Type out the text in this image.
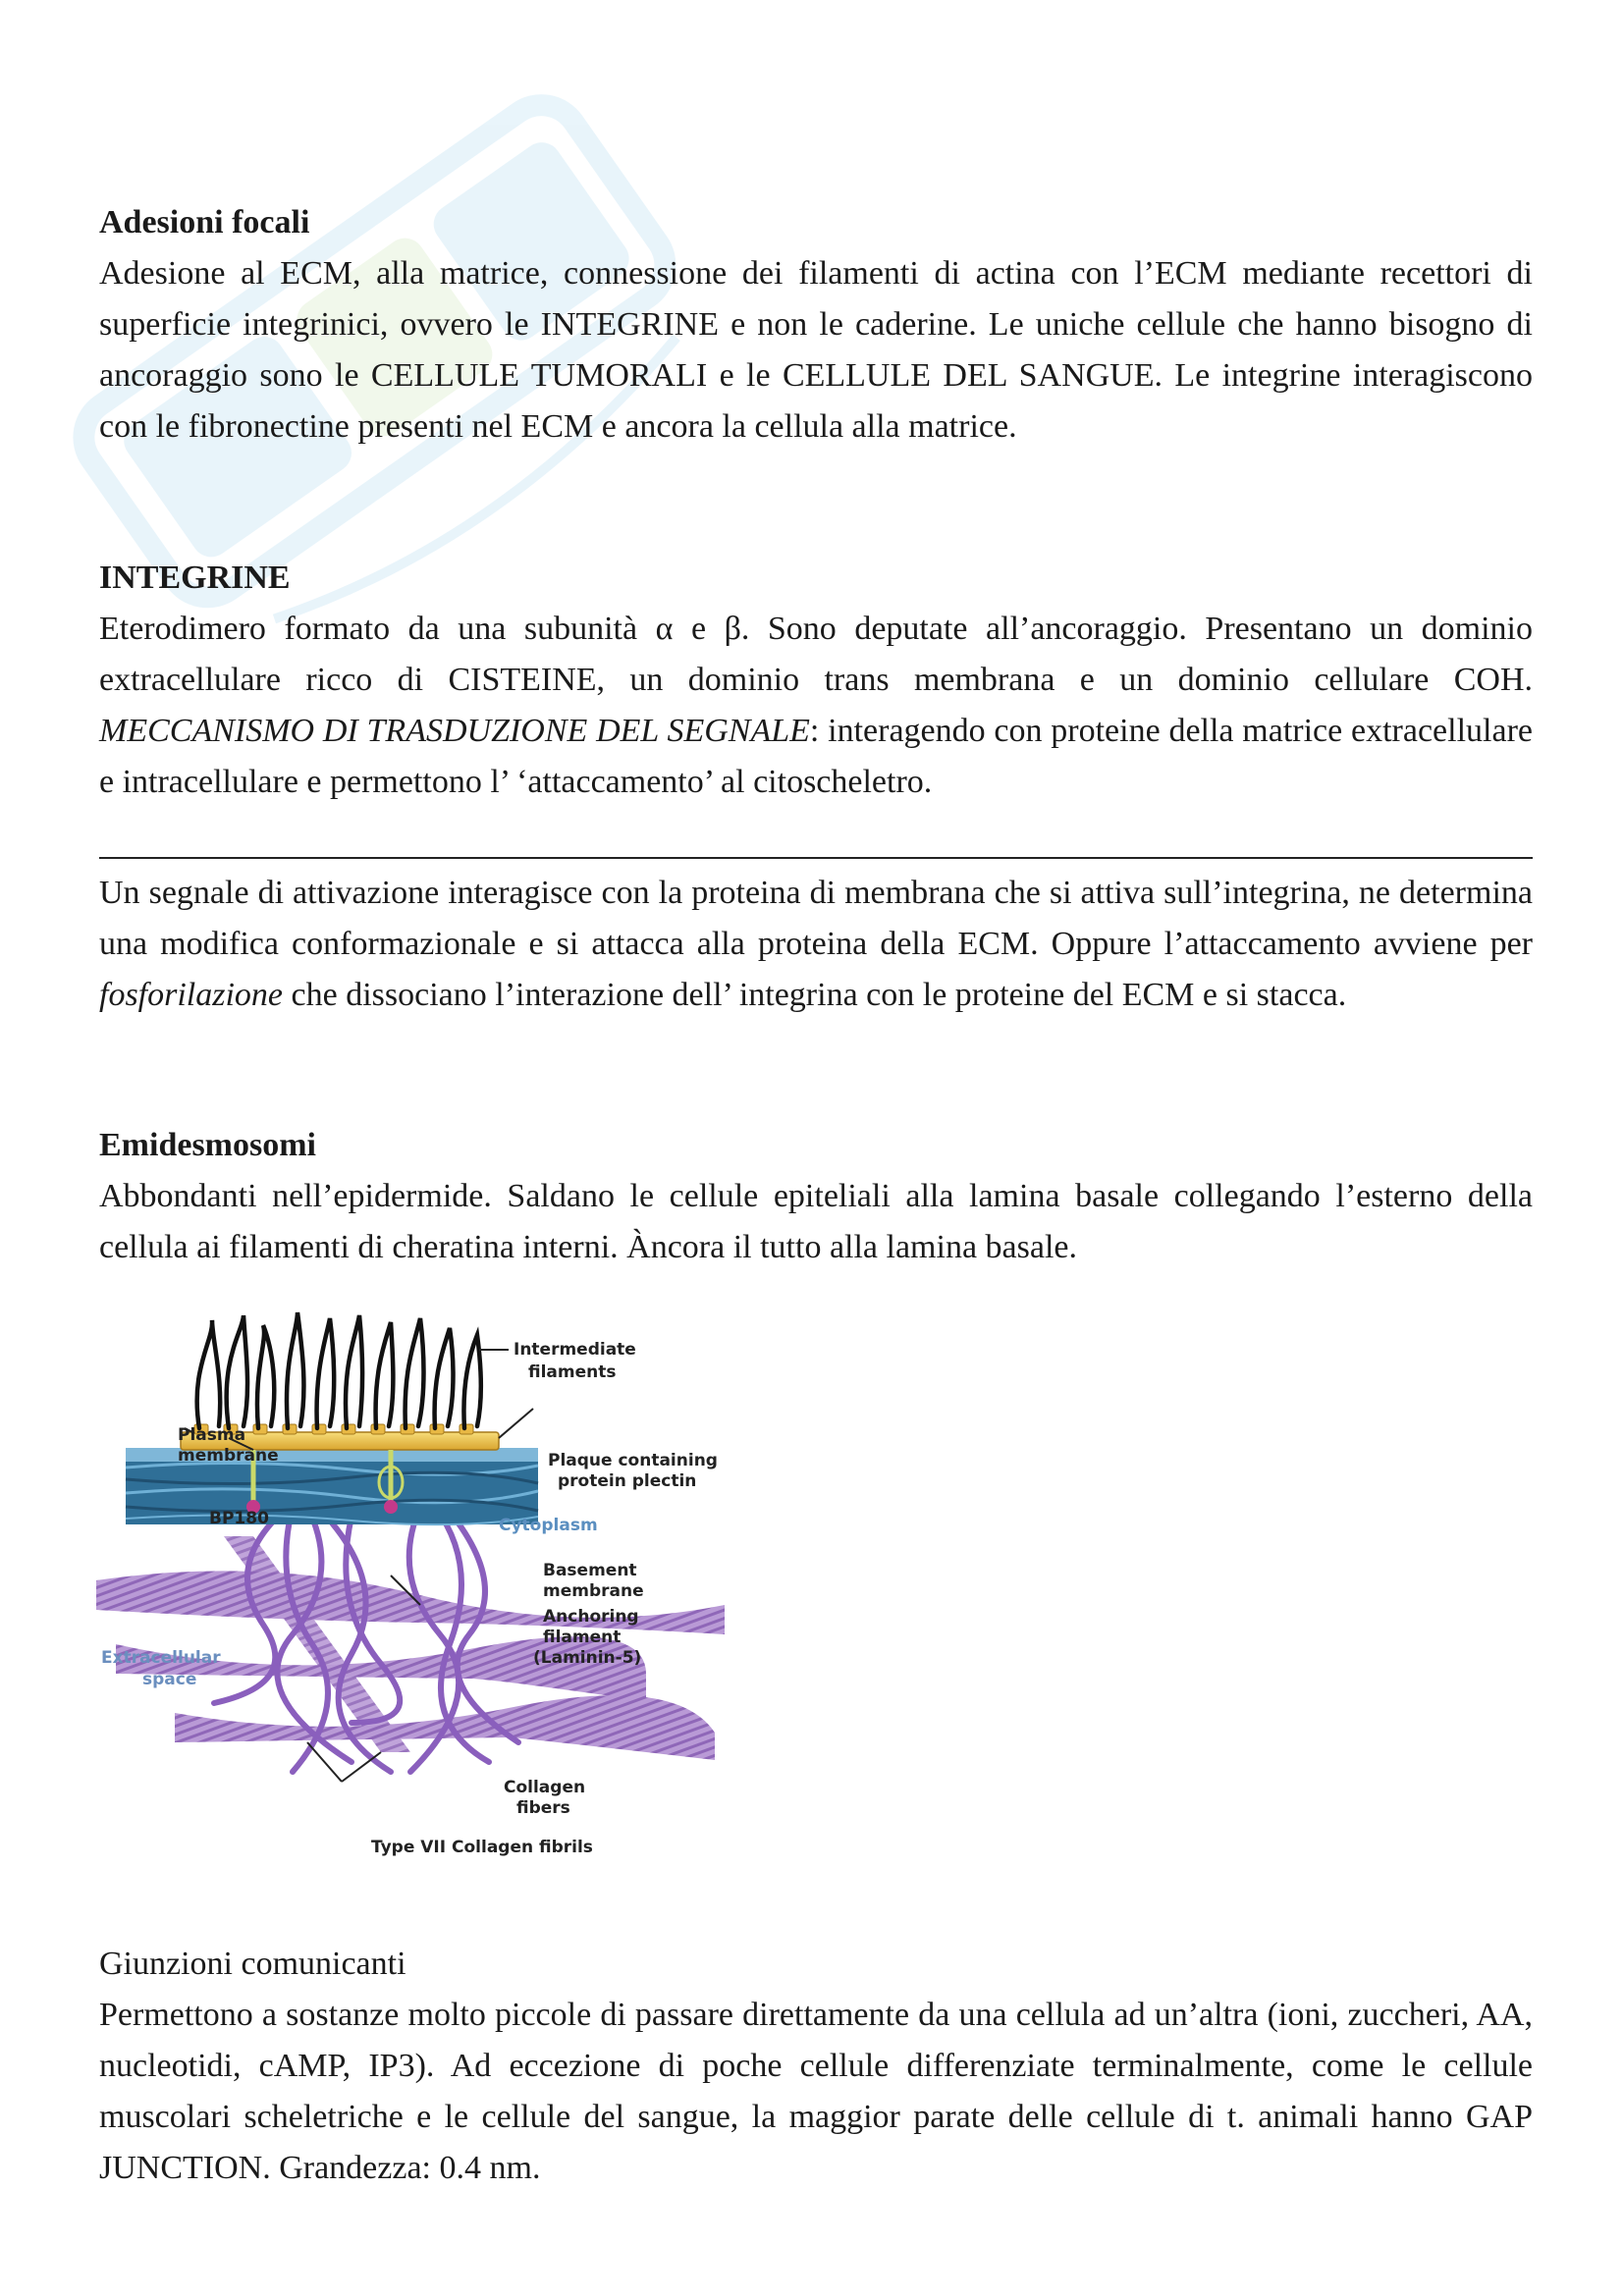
Adesioni focali

Adesione al ECM, alla matrice, connessione dei filamenti di actina con l’ECM mediante recettori di superficie integrinici, ovvero le INTEGRINE e non le caderine. Le uniche cellule che hanno bisogno di ancoraggio sono le CELLULE TUMORALI e le CELLULE DEL SANGUE. Le integrine interagiscono con le fibronectine presenti nel ECM e ancora la cellula alla matrice.

INTEGRINE

Eterodimero formato da una subunità α e β. Sono deputate all’ancoraggio. Presentano un dominio extracellulare ricco di CISTEINE, un dominio trans membrana e un dominio cellulare COH. MECCANISMO DI TRASDUZIONE DEL SEGNALE: interagendo con proteine della matrice extracellulare e intracellulare e permettono l’ ‘attaccamento’ al citoscheletro.

Un segnale di attivazione interagisce con la proteina di membrana che si attiva sull’integrina, ne determina una modifica conformazionale e si attacca alla proteina della ECM. Oppure l’attaccamento avviene per fosforilazione che dissociano l’interazione dell’ integrina con le proteine del ECM e si stacca.

Emidesmosomi

Abbondanti nell’epidermide. Saldano le cellule epiteliali alla lamina basale collegando l’esterno della cellula ai filamenti di cheratina interni. Àncora il tutto alla lamina basale.

Giunzioni comunicanti

Permettono a sostanze molto piccole di passare direttamente da una cellula ad un’altra (ioni, zuccheri, AA, nucleotidi, cAMP, IP3). Ad eccezione di poche cellule differenziate terminalmente, come le cellule muscolari scheletriche e le cellule del sangue, la maggior parate delle cellule di t. animali hanno GAP JUNCTION. Grandezza: 0.4 nm.

Intermediate
filaments
Plasma
membrane	Plaque containing
protein plectin
BP180	Cytoplasm
Basement
membrane
Anchoring
filament
(Laminin-5)
Extracellular
space
Collagen
fibers
Type VII Collagen fibrils
